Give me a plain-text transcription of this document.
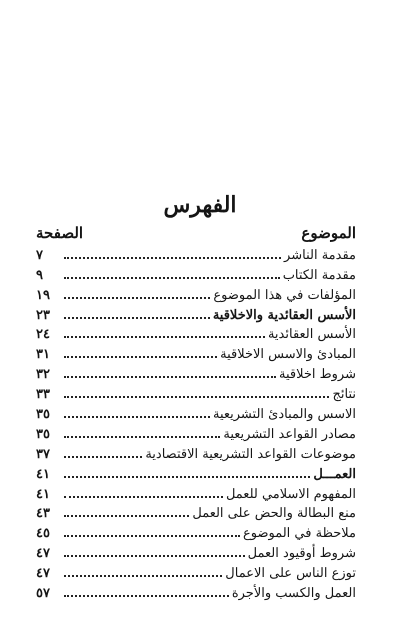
الفهرس
الموضوع
الصفحة
مقدمة الناشر
٧
مقدمة الكتاب
٩
المؤلفات في هذا الموضوع
١٩
الأسس العقائدية والاخلاقية
٢٣
الأسس العقائدية
٢٤
المبادئ والاسس الاخلاقية
٣١
شروط اخلاقية
٣٢
نتائج
٣٣
الاسس والمبادئ التشريعية
٣٥
مصادر القواعد التشريعية
٣٥
موضوعات القواعد التشريعية الاقتصادية
٣٧
العمـــل
٤١
المفهوم الاسلامي للعمل
٤١
منع البطالة والحض على العمل
٤٣
ملاحظة في الموضوع
٤٥
شروط أوقيود العمل
٤٧
توزع الناس على الاعمال
٤٧
العمل والكسب والأجرة
٥٧
